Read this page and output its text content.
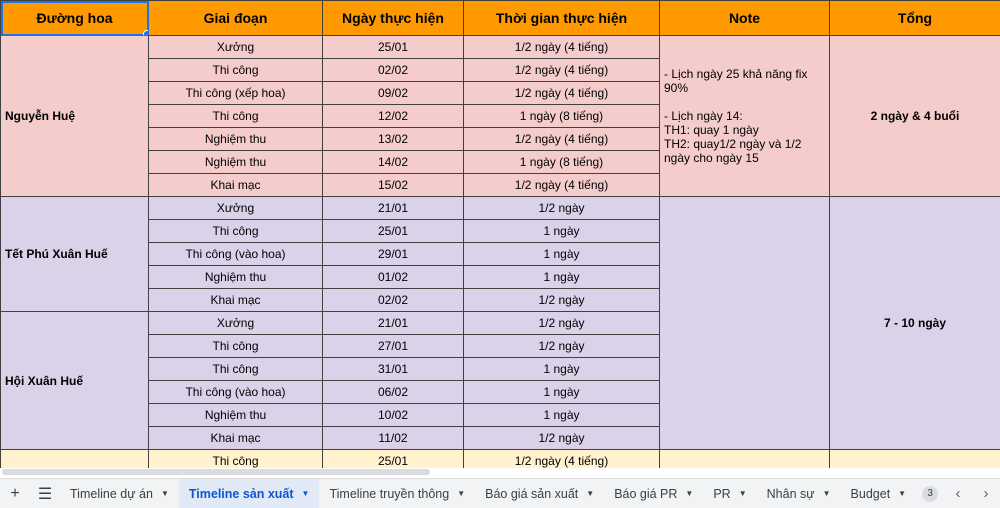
Đường hoa	Giai đoạn	Ngày thực hiện	Thời gian thực hiện	Note	Tổng
Nguyễn Huệ	Xưởng	25/01	1/2 ngày (4 tiếng)	- Lịch ngày 25 khả năng fix 90%

- Lịch ngày 14:
TH1: quay 1 ngày
TH2: quay1/2 ngày và 1/2 ngày cho ngày 15	2 ngày & 4 buổi
	Thi công	02/02	1/2 ngày (4 tiếng)		
	Thi công (xếp hoa)	09/02	1/2 ngày (4 tiếng)		
	Thi công	12/02	1 ngày (8 tiếng)		
	Nghiệm thu	13/02	1/2 ngày (4 tiếng)		
	Nghiệm thu	14/02	1 ngày (8 tiếng)		
	Khai mạc	15/02	1/2 ngày (4 tiếng)		
Tết Phú Xuân Huế	Xưởng	21/01	1/2 ngày		7 - 10 ngày
	Thi công	25/01	1 ngày		
	Thi công (vào hoa)	29/01	1 ngày		
	Nghiệm thu	01/02	1 ngày		
	Khai mạc	02/02	1/2 ngày		
Hội Xuân Huế	Xưởng	21/01	1/2 ngày		
	Thi công	27/01	1/2 ngày		
	Thi công	31/01	1 ngày		
	Thi công (vào hoa)	06/02	1 ngày		
	Nghiệm thu	10/02	1 ngày		
	Khai mạc	11/02	1/2 ngày		
	Thi công	25/01	1/2 ngày (4 tiếng)		
+	☰	Timeline dự án ▼ Timeline sản xuất ▼ Timeline truyền thông ▼ Báo giá sản xuất ▼ Báo giá PR ▼ PR ▼ Nhân sự ▼ Budget ▼	3	‹	›
